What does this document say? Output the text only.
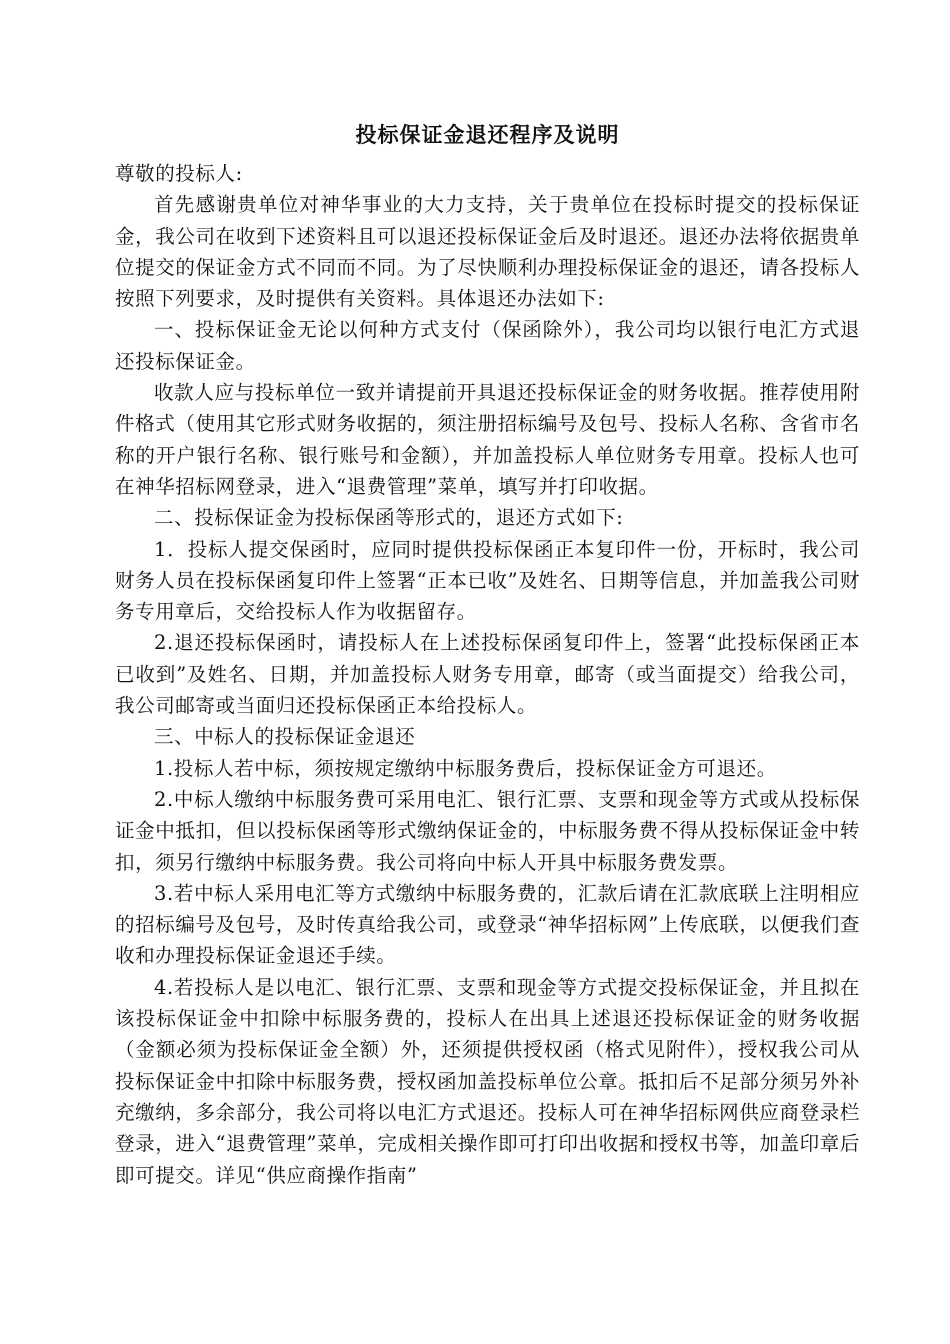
投标保证金退还程序及说明

尊敬的投标人:

首先感谢贵单位对神华事业的大力支持，关于贵单位在投标时提交的投标保证金，我公司在收到下述资料且可以退还投标保证金后及时退还。退还办法将依据贵单位提交的保证金方式不同而不同。为了尽快顺利办理投标保证金的退还，请各投标人按照下列要求，及时提供有关资料。具体退还办法如下:

一、投标保证金无论以何种方式支付（保函除外），我公司均以银行电汇方式退还投标保证金。

收款人应与投标单位一致并请提前开具退还投标保证金的财务收据。推荐使用附件格式（使用其它形式财务收据的，须注册招标编号及包号、投标人名称、含省市名称的开户银行名称、银行账号和金额），并加盖投标人单位财务专用章。投标人也可在神华招标网登录，进入“退费管理”菜单，填写并打印收据。

二、投标保证金为投标保函等形式的，退还方式如下:

1．投标人提交保函时，应同时提供投标保函正本复印件一份，开标时，我公司财务人员在投标保函复印件上签署“正本已收”及姓名、日期等信息，并加盖我公司财务专用章后，交给投标人作为收据留存。

2.退还投标保函时，请投标人在上述投标保函复印件上，签署“此投标保函正本已收到”及姓名、日期，并加盖投标人财务专用章，邮寄（或当面提交）给我公司，我公司邮寄或当面归还投标保函正本给投标人。

三、中标人的投标保证金退还

1.投标人若中标，须按规定缴纳中标服务费后，投标保证金方可退还。

2.中标人缴纳中标服务费可采用电汇、银行汇票、支票和现金等方式或从投标保证金中抵扣，但以投标保函等形式缴纳保证金的，中标服务费不得从投标保证金中转扣，须另行缴纳中标服务费。我公司将向中标人开具中标服务费发票。

3.若中标人采用电汇等方式缴纳中标服务费的，汇款后请在汇款底联上注明相应的招标编号及包号，及时传真给我公司，或登录“神华招标网”上传底联，以便我们查收和办理投标保证金退还手续。

4.若投标人是以电汇、银行汇票、支票和现金等方式提交投标保证金，并且拟在该投标保证金中扣除中标服务费的，投标人在出具上述退还投标保证金的财务收据（金额必须为投标保证金全额）外，还须提供授权函（格式见附件），授权我公司从投标保证金中扣除中标服务费，授权函加盖投标单位公章。抵扣后不足部分须另外补充缴纳，多余部分，我公司将以电汇方式退还。投标人可在神华招标网供应商登录栏登录，进入“退费管理”菜单，完成相关操作即可打印出收据和授权书等，加盖印章后即可提交。详见“供应商操作指南”
